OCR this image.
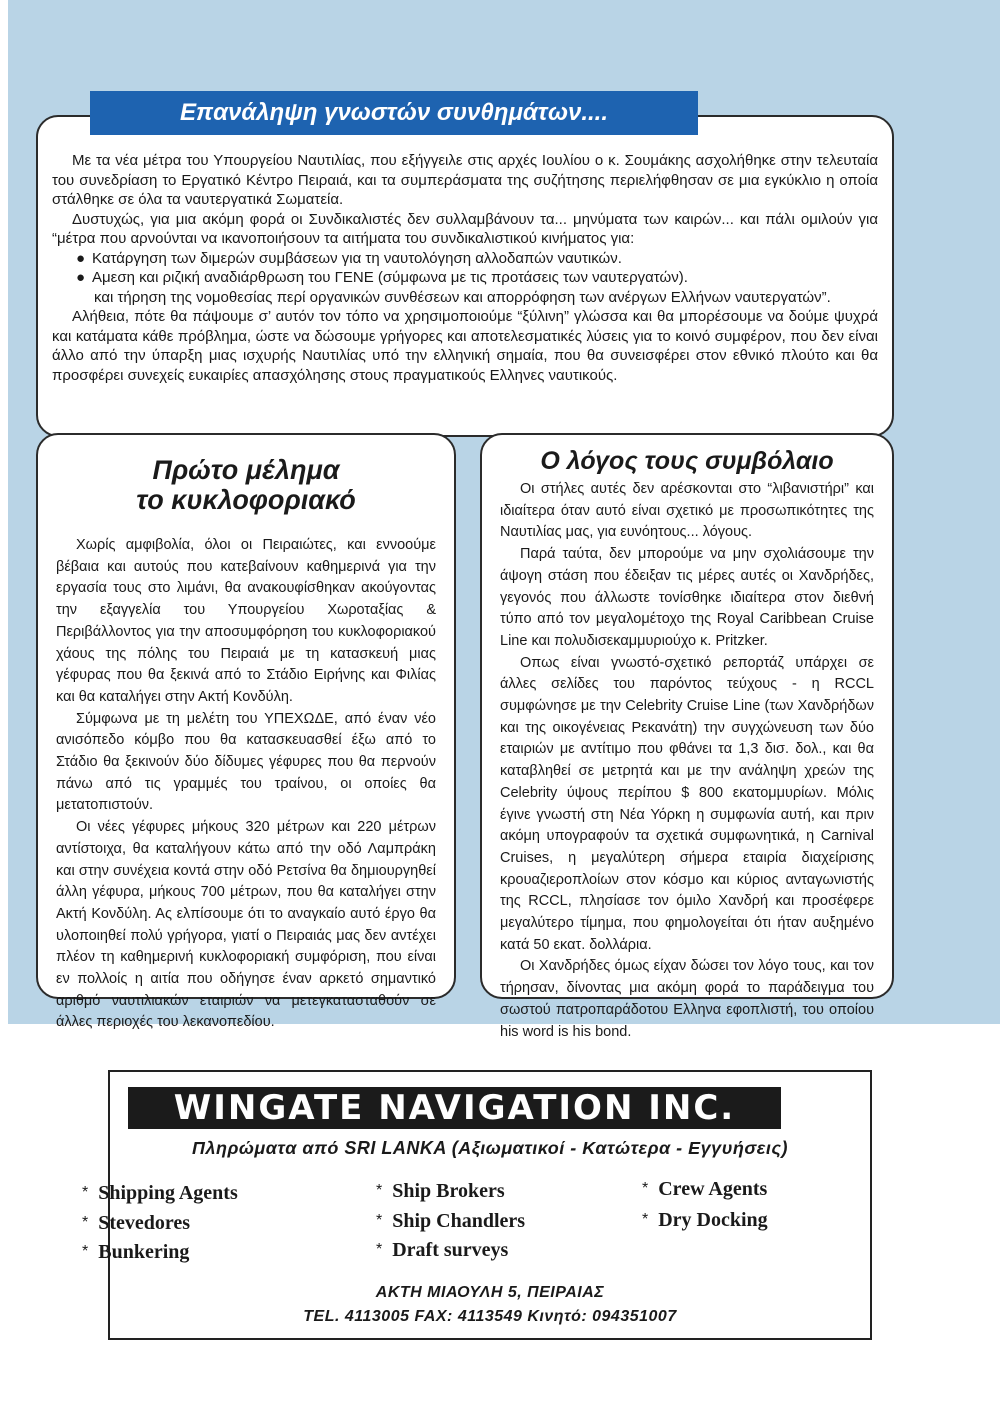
Με τα νέα μέτρα του Υπουργείου Ναυτιλίας, που εξήγγειλε στις αρχές Ιουλίου ο κ. Σουμάκης ασχολήθηκε στην τελευταία του συνεδρίαση το Εργατικό Κέντρο Πειραιά, και τα συμπεράσματα της συζήτησης περιελήφθησαν σε μια εγκύκλιο η οποία στάλθηκε σε όλα τα ναυτεργατικά Σωματεία.

Δυστυχώς, για μια ακόμη φορά οι Συνδικαλιστές δεν συλλαμβάνουν τα... μηνύματα των καιρών... και πάλι ομιλούν για “μέτρα που αρνούνται να ικανοποιήσουν τα αιτήματα του συνδικαλιστικού κινήματος για:

● Κατάργηση των διμερών συμβάσεων για τη ναυτολόγηση αλλοδαπών ναυτικών.

● Αμεση και ριζική αναδιάρθρωση του ΓΕΝΕ (σύμφωνα με τις προτάσεις των ναυτεργατών).

και τήρηση της νομοθεσίας περί οργανικών συνθέσεων και απορρόφηση των ανέργων Ελλήνων ναυτεργατών”.

Αλήθεια, πότε θα πάψουμε σ’ αυτόν τον τόπο να χρησιμοποιούμε “ξύλινη” γλώσσα και θα μπορέσουμε να δούμε ψυχρά και κατάματα κάθε πρόβλημα, ώστε να δώσουμε γρήγορες και αποτελεσματικές λύσεις για το κοινό συμφέρον, που δεν είναι άλλο από την ύπαρξη μιας ισχυρής Ναυτιλίας υπό την ελληνική σημαία, που θα συνεισφέρει στον εθνικό πλούτο και θα προσφέρει συνεχείς ευκαιρίες απασχόλησης στους πραγματικούς Ελληνες ναυτικούς.

Επανάληψη γνωστών συνθημάτων....
Πρώτο μέλημα
το κυκλοφοριακό

Χωρίς αμφιβολία, όλοι οι Πειραιώτες, και εννοούμε βέβαια και αυτούς που κατεβαίνουν καθημερινά για την εργασία τους στο λιμάνι, θα ανακουφίσθηκαν ακούγοντας την εξαγγελία του Υπουργείου Χωροταξίας & Περιβάλλοντος για την αποσυμφόρηση του κυκλοφοριακού χάους της πόλης του Πειραιά με τη κατασκευή μιας γέφυρας που θα ξεκινά από το Στάδιο Ειρήνης και Φιλίας και θα καταλήγει στην Ακτή Κονδύλη.

Σύμφωνα με τη μελέτη του ΥΠΕΧΩΔΕ, από έναν νέο ανισόπεδο κόμβο που θα κατασκευασθεί έξω από το Στάδιο θα ξεκινούν δύο δίδυμες γέφυρες που θα περνούν πάνω από τις γραμμές του τραίνου, οι οποίες θα μετατοπιστούν.

Οι νέες γέφυρες μήκους 320 μέτρων και 220 μέτρων αντίστοιχα, θα καταλήγουν κάτω από την οδό Λαμπράκη και στην συνέχεια κοντά στην οδό Ρετσίνα θα δημιουργηθεί άλλη γέφυρα, μήκους 700 μέτρων, που θα καταλήγει στην Ακτή Κονδύλη. Ας ελπίσουμε ότι το αναγκαίο αυτό έργο θα υλοποιηθεί πολύ γρήγορα, γιατί ο Πειραιάς μας δεν αντέχει πλέον τη καθημερινή κυκλοφοριακή συμφόριση, που είναι εν πολλοίς η αιτία που οδήγησε έναν αρκετό σημαντικό αριθμό ναυτιλιακών εταιριών να μετεγκατασταθούν σε άλλες περιοχές του λεκανοπεδίου.

Ο λόγος τους συμβόλαιο

Οι στήλες αυτές δεν αρέσκονται στο “λιβανιστήρι” και ιδιαίτερα όταν αυτό είναι σχετικό με προσωπικότητες της Ναυτιλίας μας, για ευνόητους... λόγους.

Παρά ταύτα, δεν μπορούμε να μην σχολιάσουμε την άψογη στάση που έδειξαν τις μέρες αυτές οι Χανδρήδες, γεγονός που άλλωστε τονίσθηκε ιδιαίτερα στον διεθνή τύπο από τον μεγαλομέτοχο της Royal Caribbean Cruise Line και πολυδισεκαμμυριούχο κ. Pritzker.

Οπως είναι γνωστό-σχετικό ρεπορτάζ υπάρχει σε άλλες σελίδες του παρόντος τεύχους - η RCCL συμφώνησε με την Celebrity Cruise Line (των Χανδρήδων και της οικογένειας Ρεκανάτη) την συγχώνευση των δύο εταιριών με αντίτιμο που φθάνει τα 1,3 δισ. δολ., και θα καταβληθεί σε μετρητά και με την ανάληψη χρεών της Celebrity ύψους περίπου $ 800 εκατομμυρίων. Μόλις έγινε γνωστή στη Νέα Υόρκη η συμφωνία αυτή, και πριν ακόμη υπογραφούν τα σχετικά συμφωνητικά, η Carnival Cruises, η μεγαλύτερη σήμερα εταιρία διαχείρισης κρουαζιερoπλοίων στον κόσμο και κύριος ανταγωνιστής της RCCL, πλησίασε τον όμιλο Χανδρή και προσέφερε μεγαλύτερο τίμημα, που φημολογείται ότι ήταν αυξημένο κατά 50 εκατ. δολλάρια.

Οι Χανδρήδες όμως είχαν δώσει τον λόγο τους, και τον τήρησαν, δίνοντας μια ακόμη φορά το παράδειγμα του σωστού πατροπαράδοτου Ελληνα εφοπλιστή, του οποίου his word is his bond.

WINGATE NAVIGATION INC.
Πληρώματα από SRI LANKA (Αξιωματικοί - Κατώτερα - Εγγυήσεις)
* Shipping Agents
* Stevedores
* Bunkering
* Ship Brokers
* Ship Chandlers
* Draft surveys
* Crew Agents
* Dry Docking
ΑΚΤΗ ΜΙΑΟΥΛΗ 5, ΠΕΙΡΑΙΑΣ
TEL. 4113005 FAX: 4113549 Κινητό: 094351007
